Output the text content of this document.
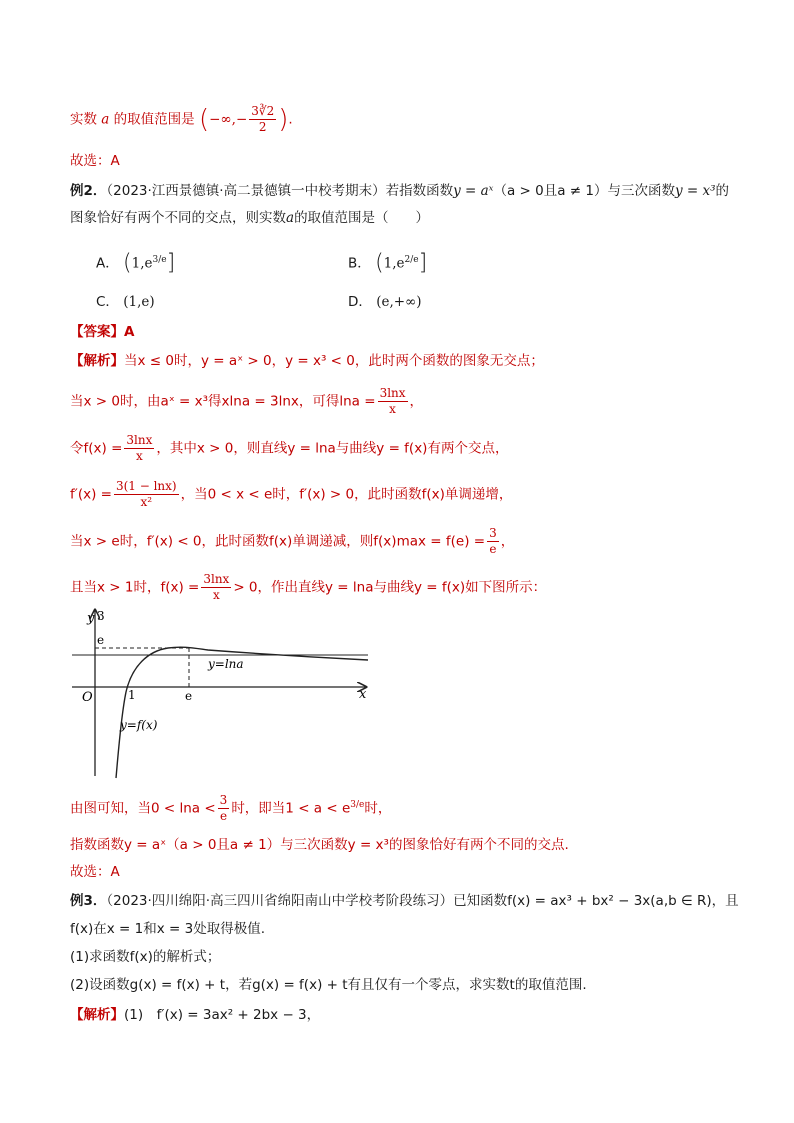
实数 a 的取值范围是 (−∞,− $\frac{3∛2}{2}$ ).
故选：A
例2．（2023·江西景德镇·高二景德镇一中校考期末）若指数函数y = aˣ（a > 0且a ≠ 1）与三次函数y = x³的
图象恰好有两个不同的交点，则实数a的取值范围是（　　）
A． $(1,e^{3/e}]$	B． $(1,e^{2/e}]$
C． (1,e)	D． (e,+∞)
【答案】A
【解析】当x ≤ 0时，y = aˣ > 0，y = x³ < 0，此时两个函数的图象无交点；
当x > 0时，由aˣ = x³得xlna = 3lnx，可得$\ln a = \frac{3\ln x}{x}$ ，
令$f(x) = \frac{3\ln x}{x}$ ，其中x > 0，则直线y = lna与曲线y = f(x)有两个交点，
$f'(x) = \frac{3(1 - \ln x)}{\text{x²}}$ ，当0 < x < e时，f′(x) > 0，此时函数f(x)单调递增，
当x > e时，f′(x) < 0，此时函数f(x)单调递减，则$f(x)\max = f(e) = \frac{3}{e}$ ，
且当x > 1时，$f(x) = \frac{3\ln x}{x} > 0$，作出直线y = lna与曲线y = f(x)如下图所示：
y 3
e
O	1	e	x
y=lna
y=f(x)
由图可知，当$0 < \ln a < \frac{3}{e}$ 时，即当$1 < a < e^{3/e}$时，
指数函数y = aˣ（a > 0且a ≠ 1）与三次函数y = x³的图象恰好有两个不同的交点.
故选：A
例3．（2023·四川绵阳·高三四川省绵阳南山中学校考阶段练习）已知函数f(x) = ax³ + bx² − 3x(a,b ∈ R)，且
f(x)在x = 1和x = 3处取得极值.
(1)求函数f(x)的解析式；
(2)设函数g(x) = f(x) + t，若g(x) = f(x) + t有且仅有一个零点，求实数t的取值范围.
【解析】(1)　f′(x) = 3ax² + 2bx − 3，
